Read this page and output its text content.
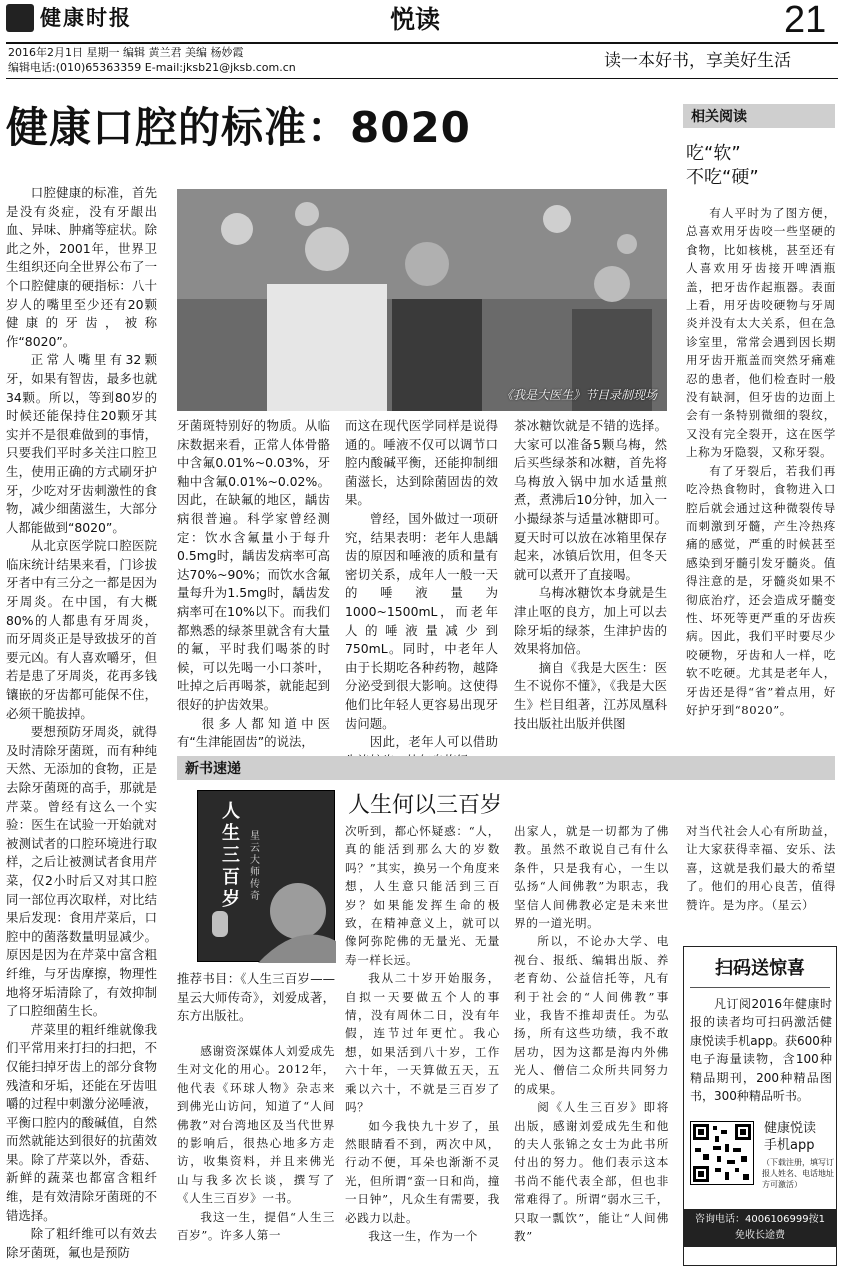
健康时报	悦读	21
2016年2月1日 星期一 编辑 黄兰君 美编 杨妙霞
编辑电话:(010)65363359 E-mail:jksb21@jksb.com.cn	读一本好书，享美好生活
健康口腔的标准：8020
《我是大医生》节目录制现场

口腔健康的标准，首先是没有炎症，没有牙龈出血、异味、肿痛等症状。除此之外，2001年，世界卫生组织还向全世界公布了一个口腔健康的硬指标：八十岁人的嘴里至少还有20颗健康的牙齿，被称作“8020”。

正常人嘴里有32颗牙，如果有智齿，最多也就34颗。所以，等到80岁的时候还能保持住20颗牙其实并不是很难做到的事情，只要我们平时多关注口腔卫生，使用正确的方式刷牙护牙，少吃对牙齿刺激性的食物，减少细菌滋生，大部分人都能做到“8020”。

从北京医学院口腔医院临床统计结果来看，门诊拔牙者中有三分之一都是因为牙周炎。在中国，有大概80%的人都患有牙周炎，而牙周炎正是导致拔牙的首要元凶。有人喜欢嚼牙，但若是患了牙周炎，花再多钱镶嵌的牙齿都可能保不住，必须干脆拔掉。

要想预防牙周炎，就得及时清除牙菌斑，而有种纯天然、无添加的食物，正是去除牙菌斑的高手，那就是芹菜。曾经有这么一个实验：医生在试验一开始就对被测试者的口腔环境进行取样，之后让被测试者食用芹菜，仅2小时后又对其口腔同一部位再次取样，对比结果后发现：食用芹菜后，口腔中的菌落数量明显减少。原因是因为在芹菜中富含粗纤维，与牙齿摩擦，物理性地将牙垢清除了，有效抑制了口腔细菌生长。

芹菜里的粗纤维就像我们平常用来打扫的扫把，不仅能扫掉牙齿上的部分食物残渣和牙垢，还能在牙齿咀嚼的过程中刺激分泌唾液，平衡口腔内的酸碱值，自然而然就能达到很好的抗菌效果。除了芹菜以外，香菇、新鲜的蔬菜也都富含粗纤维，是有效清除牙菌斑的不错选择。

除了粗纤维可以有效去除牙菌斑，氟也是预防

牙菌斑特别好的物质。从临床数据来看，正常人体骨骼中含氟0.01%~0.03%，牙釉中含氟0.01%~0.02%。因此，在缺氟的地区，龋齿病很普遍。科学家曾经测定：饮水含氟量小于每升0.5mg时，龋齿发病率可高达70%~90%；而饮水含氟量每升为1.5mg时，龋齿发病率可在10%以下。而我们都熟悉的绿茶里就含有大量的氟，平时我们喝茶的时候，可以先喝一小口茶叶，吐掉之后再喝茶，就能起到很好的护齿效果。

很多人都知道中医有“生津能固齿”的说法，

而这在现代医学同样是说得通的。唾液不仅可以调节口腔内酸碱平衡，还能抑制细菌滋长，达到除菌固齿的效果。

曾经，国外做过一项研究，结果表明：老年人患龋齿的原因和唾液的质和量有密切关系，成年人一般一天的唾液量为1000~1500mL，而老年人的唾液量减少到750mL。同时，中老年人由于长期吃各种药物，越降分泌受到很大影响。这使得他们比年轻人更容易出现牙齿问题。

因此，老年人可以借助

茶冰糖饮就是不错的选择。大家可以准备5颗乌梅，然后买些绿茶和冰糖，首先将乌梅放入锅中加水适量煎煮，煮沸后10分钟，加入一小撮绿茶与适量冰糖即可。夏天时可以放在冰箱里保存起来，冰镇后饮用，但冬天就可以煮开了直接喝。

乌梅冰糖饮本身就是生津止呕的良方，加上可以去除牙垢的绿茶，生津护齿的效果将加倍。

摘自《我是大医生：医生不说你不懂》，《我是大医生》栏目组著，江苏凤凰科技出版社出版并供图

相关阅读
吃“软”
不吃“硬”

有人平时为了图方便，总喜欢用牙齿咬一些坚硬的食物，比如核桃，甚至还有人喜欢用牙齿接开啤酒瓶盖，把牙齿作起瓶器。表面上看，用牙齿咬硬物与牙周炎并没有太大关系，但在急诊室里，常常会遇到因长期用牙齿开瓶盖而突然牙痛难忍的患者，他们检查时一般没有缺洞，但牙齿的边面上会有一条特别微细的裂纹，又没有完全裂开，这在医学上称为牙隐裂，又称牙裂。

有了牙裂后，若我们再吃冷热食物时，食物进入口腔后就会通过这种微裂传导而刺激到牙髓，产生冷热疼痛的感觉，严重的时候甚至感染到牙髓引发牙髓炎。值得注意的是，牙髓炎如果不彻底治疗，还会造成牙髓变性、坏死等更严重的牙齿疾病。因此，我们平时要尽少咬硬物，牙齿和人一样，吃软不吃硬。尤其是老年人，牙齿还是得“省”着点用，好好护牙到“8020”。

新书速递
人生何以三百岁
人生三百岁
星云大师传奇
推荐书目：《人生三百岁——星云大师传奇》，刘爱成著，东方出版社。

感谢资深媒体人刘爱成先生对文化的用心。2012年，他代表《环球人物》杂志来到佛光山访问，知道了“人间佛教”对台湾地区及当代世界的影响后，很热心地多方走访，收集资料，并且来佛光山与我多次长谈，撰写了《人生三百岁》一书。

我这一生，提倡“人生三百岁”。许多人第一

次听到，都心怀疑惑：“人，真的能活到那么大的岁数吗？”其实，换另一个角度来想，人生意只能活到三百岁？如果能发挥生命的极致，在精神意义上，就可以像阿弥陀佛的无量光、无量寿一样长远。

我从二十岁开始服务，自拟一天要做五个人的事情，没有周休二日，没有年假，连节过年更忙。我心想，如果活到八十岁，工作六十年，一天算做五天，五乘以六十，不就是三百岁了吗？

如今我快九十岁了，虽然眼睛看不到，两次中风，行动不便，耳朵也渐渐不灵光，但所谓“蛮一日和尚，撞一日钟”，凡众生有需要，我必践力以赴。

我这一生，作为一个

出家人，就是一切都为了佛教。虽然不敢说自己有什么条件，只是我有心，一生以弘扬“人间佛教”为职志，我坚信人间佛教必定是未来世界的一道光明。

所以，不论办大学、电视台、报纸、编辑出版、养老育幼、公益信托等，凡有利于社会的“人间佛教”事业，我皆不推却责任。为弘扬，所有这些功绩，我不敢居功，因为这都是海内外佛光人、僧信二众所共同努力的成果。

阅《人生三百岁》即将出版，感谢刘爱成先生和他的夫人张锦之女士为此书所付出的努力。他们表示这本书尚不能代表全部，但也非常难得了。所谓“弱水三千，只取一瓢饮”，能让“人间佛教”

对当代社会人心有所助益，让大家获得幸福、安乐、法喜，这就是我们最大的希望了。他们的用心良苦，值得赞许。是为序。（星云）

扫码送惊喜
凡订阅2016年健康时报的读者均可扫码激活健康悦读手机app。获600种电子海量读物，含100种精品期刊，200种精品图书，300种精品听书。
健康悦读
手机app
（下载注册，填写订报人姓名、电话地址方可激活）
咨询电话：4006106999按1
免收长途费
